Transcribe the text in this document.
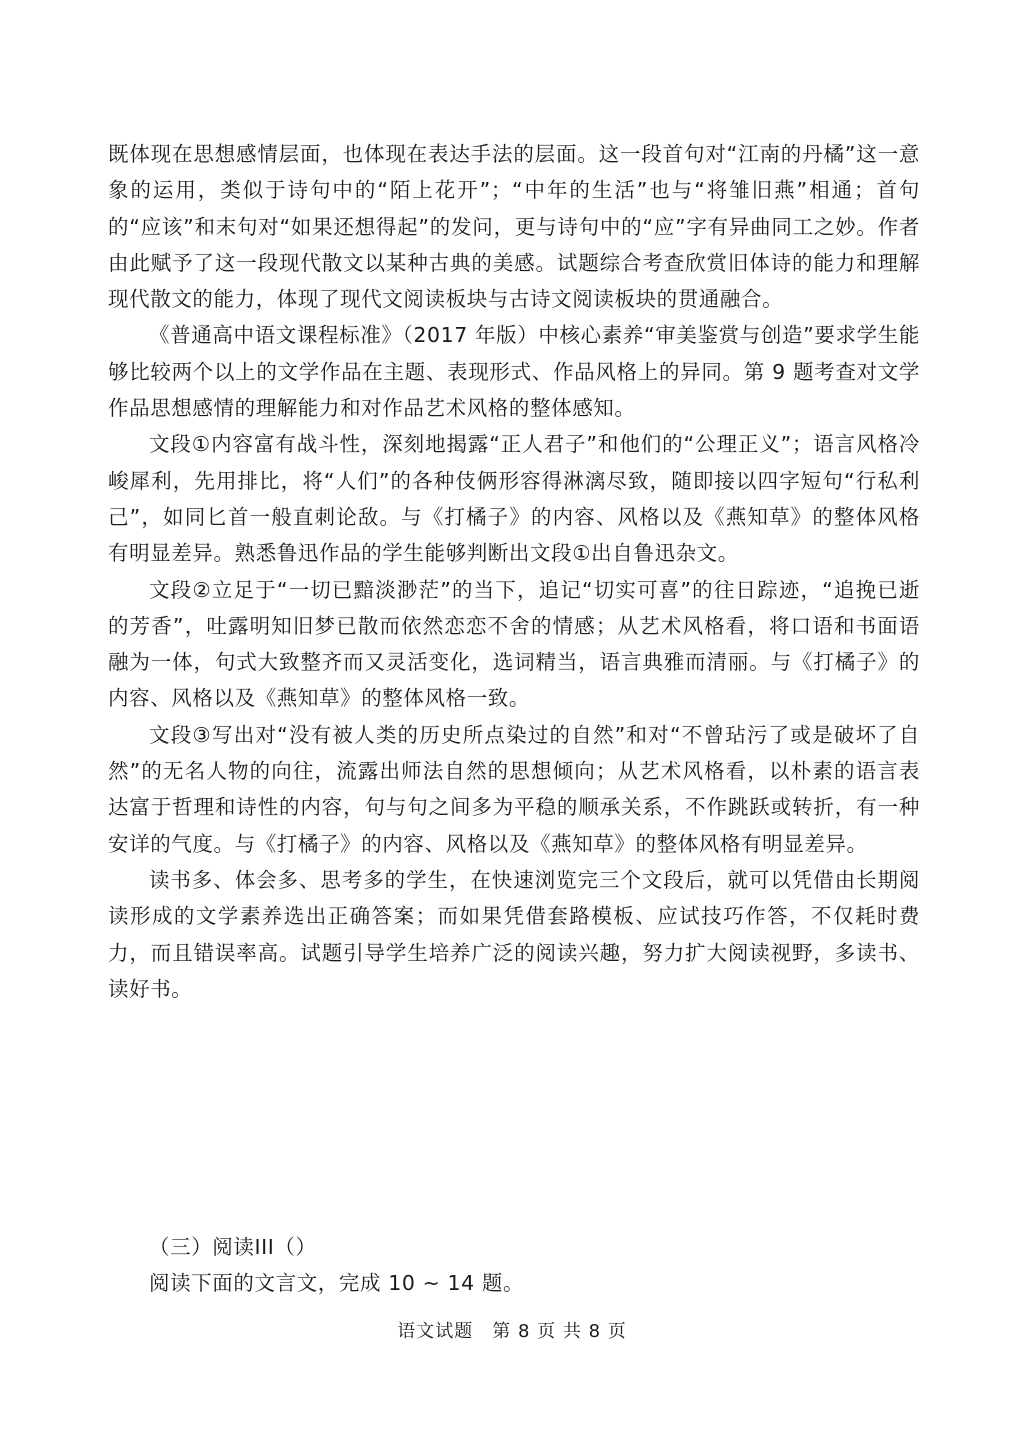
既体现在思想感情层面，也体现在表达手法的层面。这一段首句对“江南的丹橘”这一意象的运用，类似于诗句中的“陌上花开”；“中年的生活”也与“将雏旧燕”相通；首句的“应该”和末句对“如果还想得起”的发问，更与诗句中的“应”字有异曲同工之妙。作者由此赋予了这一段现代散文以某种古典的美感。试题综合考查欣赏旧体诗的能力和理解现代散文的能力，体现了现代文阅读板块与古诗文阅读板块的贯通融合。

《普通高中语文课程标准》（2017 年版）中核心素养“审美鉴赏与创造”要求学生能够比较两个以上的文学作品在主题、表现形式、作品风格上的异同。第 9 题考查对文学作品思想感情的理解能力和对作品艺术风格的整体感知。

文段①内容富有战斗性，深刻地揭露“正人君子”和他们的“公理正义”；语言风格冷峻犀利，先用排比，将“人们”的各种伎俩形容得淋漓尽致，随即接以四字短句“行私利己”，如同匕首一般直刺论敌。与《打橘子》的内容、风格以及《燕知草》的整体风格有明显差异。熟悉鲁迅作品的学生能够判断出文段①出自鲁迅杂文。

文段②立足于“一切已黯淡渺茫”的当下，追记“切实可喜”的往日踪迹，“追挽已逝的芳香”，吐露明知旧梦已散而依然恋恋不舍的情感；从艺术风格看，将口语和书面语融为一体，句式大致整齐而又灵活变化，选词精当，语言典雅而清丽。与《打橘子》的内容、风格以及《燕知草》的整体风格一致。

文段③写出对“没有被人类的历史所点染过的自然”和对“不曾玷污了或是破坏了自然”的无名人物的向往，流露出师法自然的思想倾向；从艺术风格看，以朴素的语言表达富于哲理和诗性的内容，句与句之间多为平稳的顺承关系，不作跳跃或转折，有一种安详的气度。与《打橘子》的内容、风格以及《燕知草》的整体风格有明显差异。

读书多、体会多、思考多的学生，在快速浏览完三个文段后，就可以凭借由长期阅读形成的文学素养选出正确答案；而如果凭借套路模板、应试技巧作答，不仅耗时费力，而且错误率高。试题引导学生培养广泛的阅读兴趣，努力扩大阅读视野，多读书、读好书。

（三）阅读III（）
阅读下面的文言文，完成 10 ~ 14 题。
语文试题　第 8 页 共 8 页
